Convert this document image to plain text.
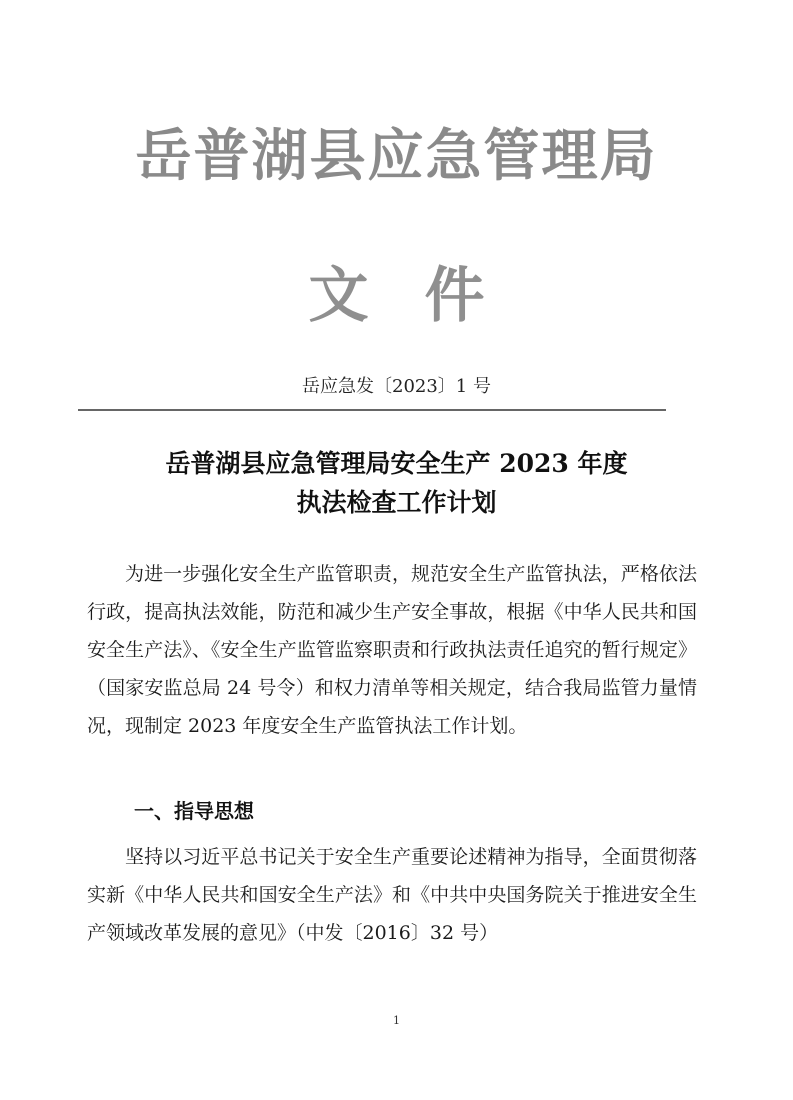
岳普湖县应急管理局
文件
岳应急发〔2023〕1 号
岳普湖县应急管理局安全生产 2023 年度
执法检查工作计划

为进一步强化安全生产监管职责，规范安全生产监管执法，严格依法行政，提高执法效能，防范和减少生产安全事故，根据《中华人民共和国安全生产法》、《安全生产监管监察职责和行政执法责任追究的暂行规定》（国家安监总局 24 号令）和权力清单等相关规定，结合我局监管力量情况，现制定 2023 年度安全生产监管执法工作计划。

一、指导思想

坚持以习近平总书记关于安全生产重要论述精神为指导，全面贯彻落实新《中华人民共和国安全生产法》和《中共中央国务院关于推进安全生产领域改革发展的意见》（中发〔2016〕32 号）

1
